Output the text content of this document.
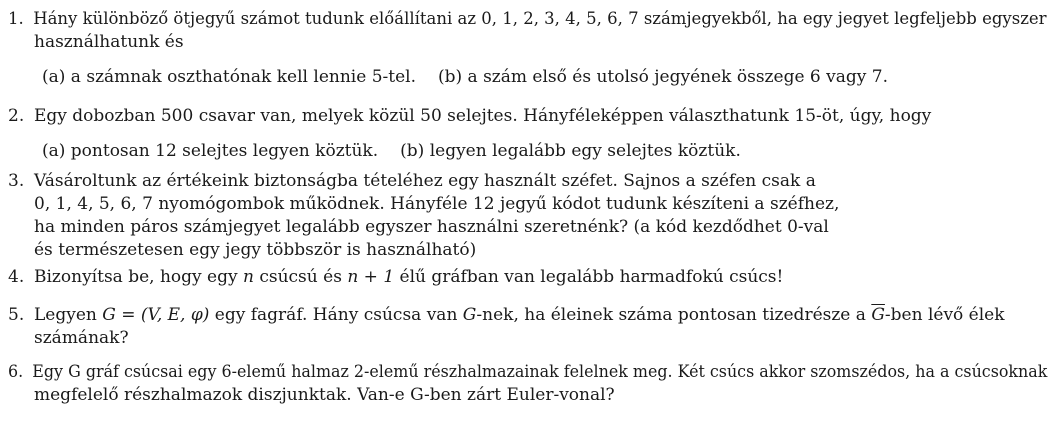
1. Hány különböző ötjegyű számot tudunk előállítani az 0, 1, 2, 3, 4, 5, 6, 7 számjegyekből, ha egy jegyet legfeljebb egyszer
használhatunk és
(a) a számnak oszthatónak kell lennie 5-tel. (b) a szám első és utolsó jegyének összege 6 vagy 7.
2. Egy dobozban 500 csavar van, melyek közül 50 selejtes. Hányféleképpen választhatunk 15-öt, úgy, hogy
(a) pontosan 12 selejtes legyen köztük. (b) legyen legalább egy selejtes köztük.
3. Vásároltunk az értékeink biztonságba tételéhez egy használt széfet. Sajnos a széfen csak a
0, 1, 4, 5, 6, 7 nyomógombok működnek. Hányféle 12 jegyű kódot tudunk készíteni a széfhez,
ha minden páros számjegyet legalább egyszer használni szeretnénk? (a kód kezdődhet 0-val
és természetesen egy jegy többször is használható)
4. Bizonyítsa be, hogy egy n csúcsú és n + 1 élű gráfban van legalább harmadfokú csúcs!
5. Legyen G = (V, E, φ) egy fagráf. Hány csúcsa van G-nek, ha éleinek száma pontosan tizedrésze a $\overline{G}$-ben lévő élek
számának?
6. Egy G gráf csúcsai egy 6-elemű halmaz 2-elemű részhalmazainak felelnek meg. Két csúcs akkor szomszédos, ha a csúcsoknak
megfelelő részhalmazok diszjunktak. Van-e G-ben zárt Euler-vonal?
